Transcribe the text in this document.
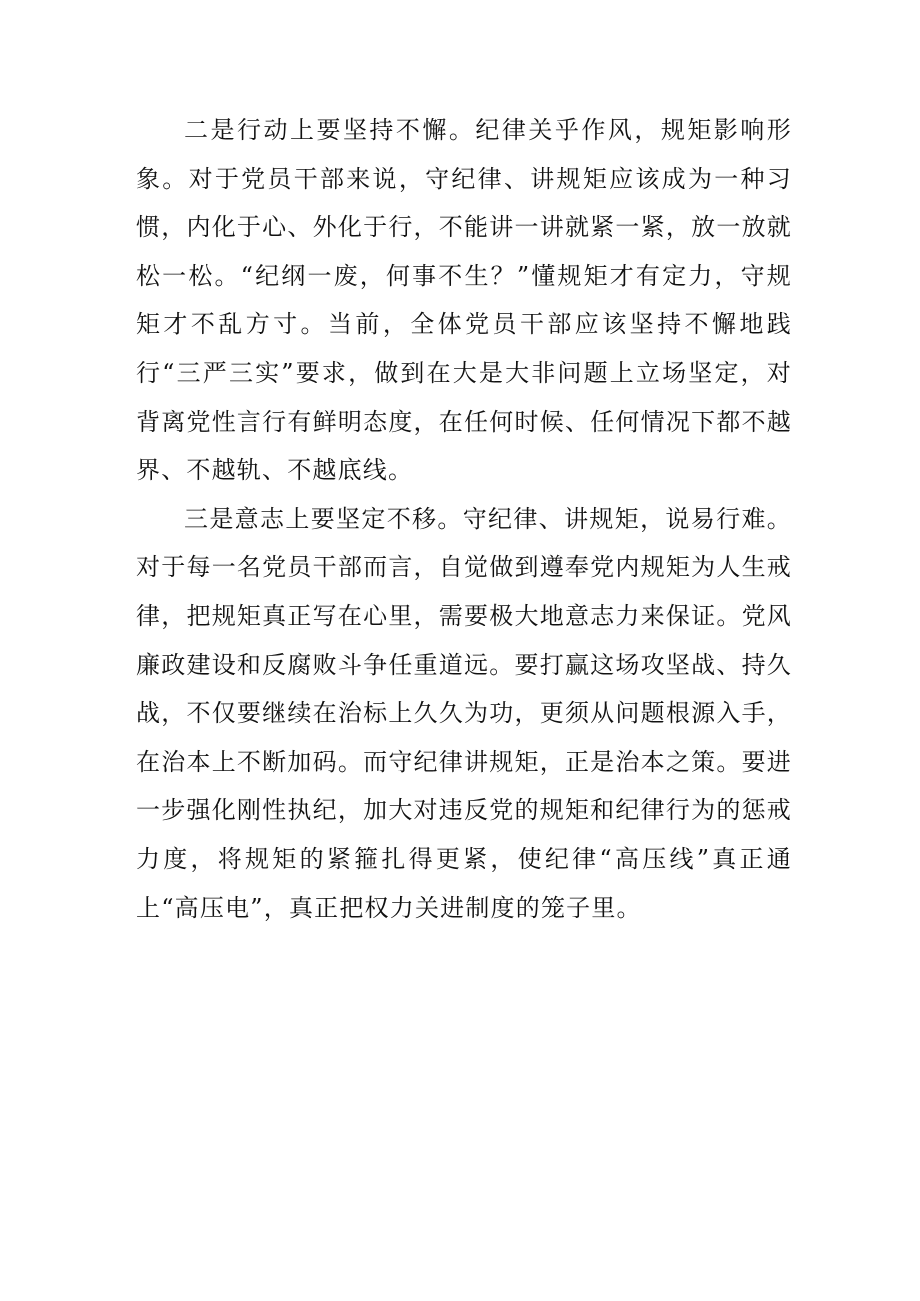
二是行动上要坚持不懈。纪律关乎作风，规矩影响形象。对于党员干部来说，守纪律、讲规矩应该成为一种习惯，内化于心、外化于行，不能讲一讲就紧一紧，放一放就松一松。“纪纲一废，何事不生？”懂规矩才有定力，守规矩才不乱方寸。当前，全体党员干部应该坚持不懈地践行“三严三实”要求，做到在大是大非问题上立场坚定，对背离党性言行有鲜明态度，在任何时候、任何情况下都不越界、不越轨、不越底线。

三是意志上要坚定不移。守纪律、讲规矩，说易行难。对于每一名党员干部而言，自觉做到遵奉党内规矩为人生戒律，把规矩真正写在心里，需要极大地意志力来保证。党风廉政建设和反腐败斗争任重道远。要打赢这场攻坚战、持久战，不仅要继续在治标上久久为功，更须从问题根源入手，在治本上不断加码。而守纪律讲规矩，正是治本之策。要进一步强化刚性执纪，加大对违反党的规矩和纪律行为的惩戒力度，将规矩的紧箍扎得更紧，使纪律“高压线”真正通上“高压电”，真正把权力关进制度的笼子里。
